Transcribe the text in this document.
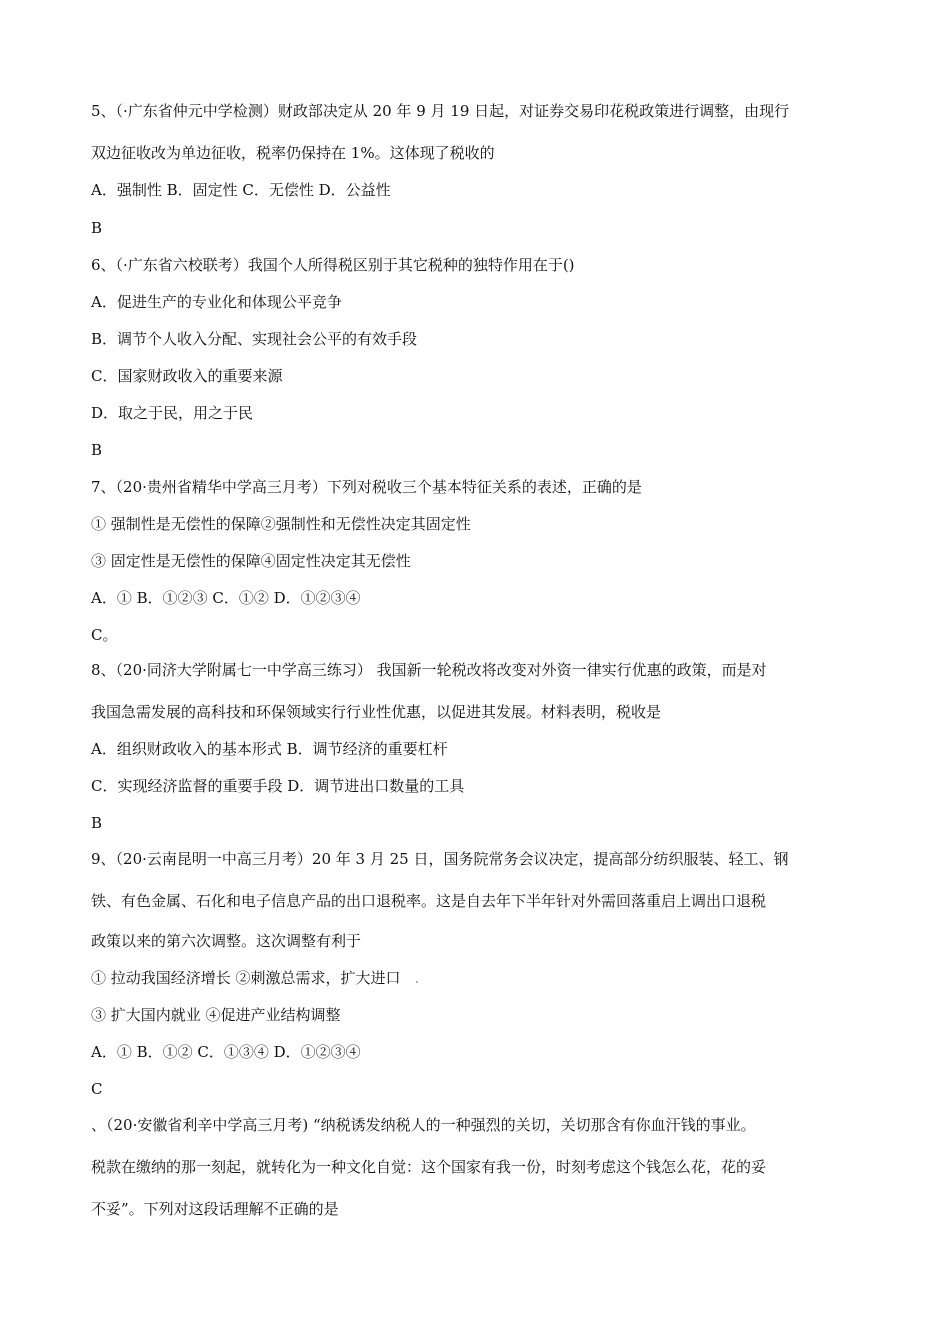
5、（·广东省仲元中学检测）财政部决定从 20 年 9 月 19 日起，对证券交易印花税政策进行调整，由现行
双边征收改为单边征收，税率仍保持在 1%。这体现了税收的
A．强制性 B．固定性 C．无偿性 D．公益性
B
6、（·广东省六校联考）我国个人所得税区别于其它税种的独特作用在于()
A．促进生产的专业化和体现公平竞争
B．调节个人收入分配、实现社会公平的有效手段
C．国家财政收入的重要来源
D．取之于民，用之于民
B
7、（20·贵州省精华中学高三月考）下列对税收三个基本特征关系的表述，正确的是
① 强制性是无偿性的保障②强制性和无偿性决定其固定性
③ 固定性是无偿性的保障④固定性决定其无偿性
A．① B．①②③ C．①② D．①②③④
C。
8、（20·同济大学附属七一中学高三练习） 我国新一轮税改将改变对外资一律实行优惠的政策，而是对
我国急需发展的高科技和环保领域实行行业性优惠，以促进其发展。材料表明，税收是
A．组织财政收入的基本形式 B．调节经济的重要杠杆
C．实现经济监督的重要手段 D．调节进出口数量的工具
B
9、（20·云南昆明一中高三月考）20 年 3 月 25 日，国务院常务会议决定，提高部分纺织服装、轻工、钢
铁、有色金属、石化和电子信息产品的出口退税率。这是自去年下半年针对外需回落重启上调出口退税
政策以来的第六次调整。这次调整有利于
① 拉动我国经济增长 ②刺激总需求，扩大进口 .
③ 扩大国内就业 ④促进产业结构调整
A．① B．①② C．①③④ D．①②③④
C
、（20·安徽省利辛中学高三月考) “纳税诱发纳税人的一种强烈的关切，关切那含有你血汗钱的事业。
税款在缴纳的那一刻起，就转化为一种文化自觉：这个国家有我一份，时刻考虑这个钱怎么花，花的妥
不妥”。下列对这段话理解不正确的是
